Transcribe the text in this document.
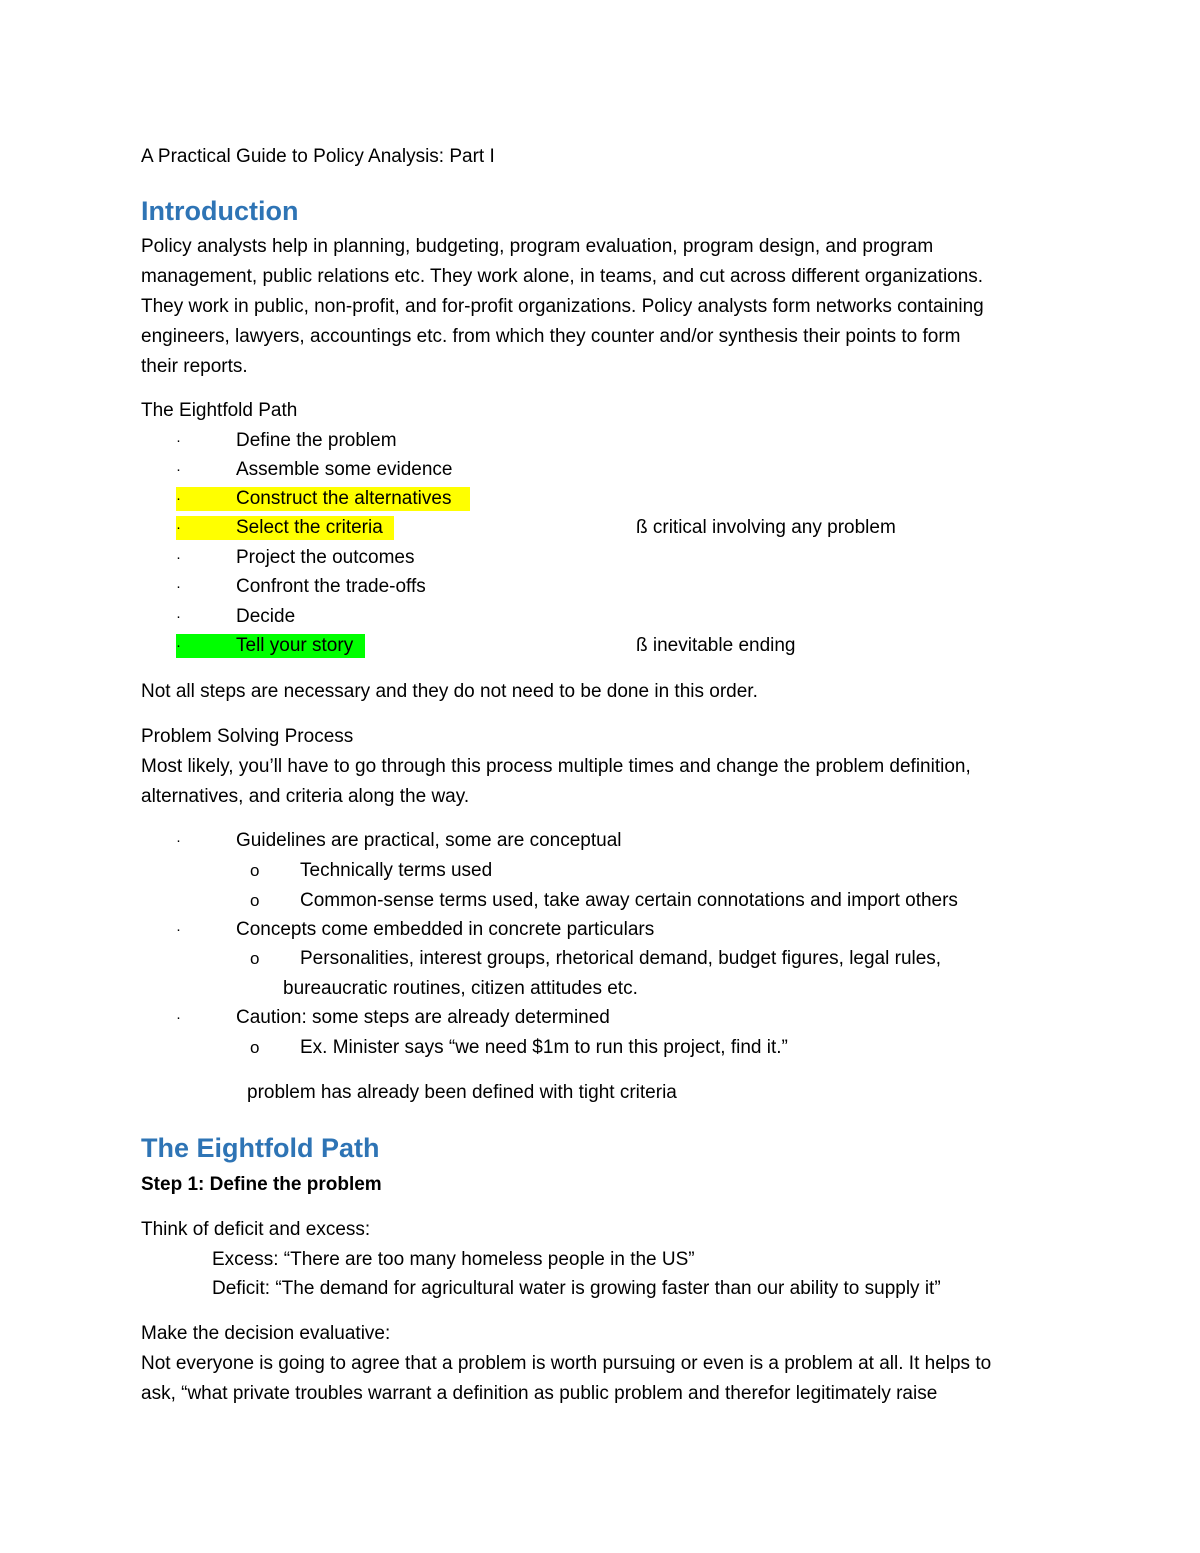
A Practical Guide to Policy Analysis: Part I
Introduction
Policy analysts help in planning, budgeting, program evaluation, program design, and program
management, public relations etc. They work alone, in teams, and cut across different organizations.
They work in public, non-profit, and for-profit organizations. Policy analysts form networks containing
engineers, lawyers, accountings etc. from which they counter and/or synthesis their points to form
their reports.
The Eightfold Path
·	Define the problem
·	Assemble some evidence
·	Construct the alternatives
·	Select the criteria	ß critical involving any problem
·	Project the outcomes
·	Confront the trade-offs
·	Decide
·	Tell your story	ß inevitable ending
Not all steps are necessary and they do not need to be done in this order.
Problem Solving Process
Most likely, you’ll have to go through this process multiple times and change the problem definition,
alternatives, and criteria along the way.
·	Guidelines are practical, some are conceptual
o Technically terms used
o Common-sense terms used, take away certain connotations and import others
·	Concepts come embedded in concrete particulars
o Personalities, interest groups, rhetorical demand, budget figures, legal rules,
bureaucratic routines, citizen attitudes etc.
·	Caution: some steps are already determined
o Ex. Minister says “we need $1m to run this project, find it.”
problem has already been defined with tight criteria
The Eightfold Path
Step 1: Define the problem
Think of deficit and excess:
Excess: “There are too many homeless people in the US”
Deficit: “The demand for agricultural water is growing faster than our ability to supply it”
Make the decision evaluative:
Not everyone is going to agree that a problem is worth pursuing or even is a problem at all. It helps to
ask, “what private troubles warrant a definition as public problem and therefor legitimately raise
